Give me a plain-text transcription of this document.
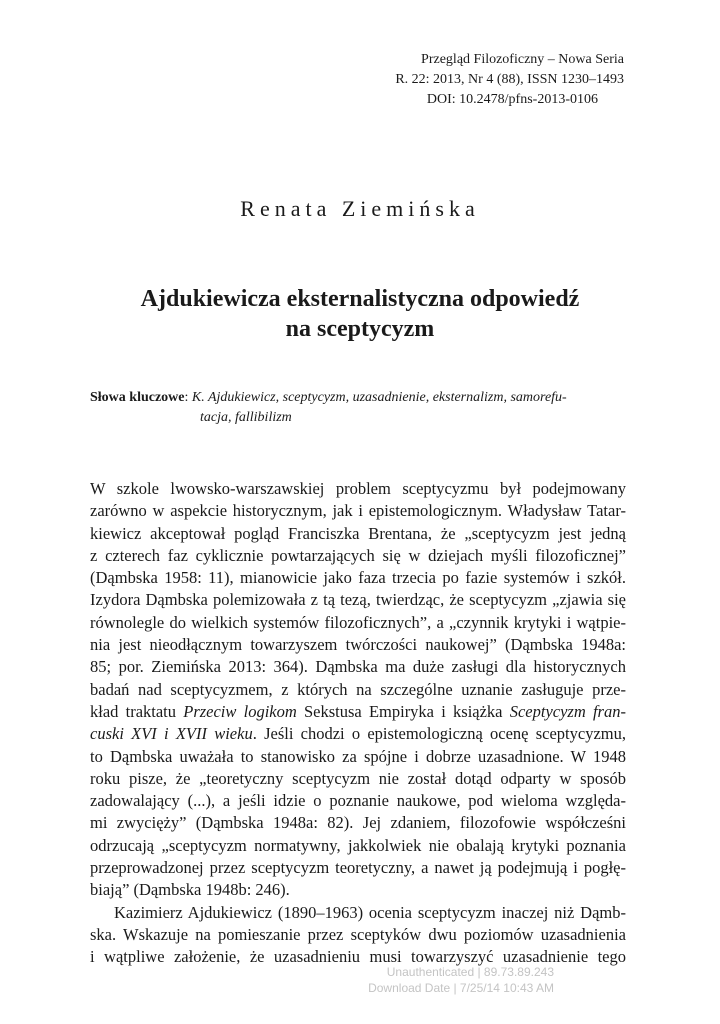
Przegląd Filozoficzny – Nowa Seria
R. 22: 2013, Nr 4 (88), ISSN 1230–1493
DOI: 10.2478/pfns-2013-0106
Renata Ziemińska
Ajdukiewicza eksternalistyczna odpowiedź
na sceptycyzm
Słowa kluczowe: K. Ajdukiewicz, sceptycyzm, uzasadnienie, eksternalizm, samorefu-
tacja, fallibilizm
W szkole lwowsko-warszawskiej problem sceptycyzmu był podejmowany
zarówno w aspekcie historycznym, jak i epistemologicznym. Władysław Tatar-
kiewicz akceptował pogląd Franciszka Brentana, że „sceptycyzm jest jedną
z czterech faz cyklicznie powtarzających się w dziejach myśli filozoficznej”
(Dąmbska 1958: 11), mianowicie jako faza trzecia po fazie systemów i szkół.
Izydora Dąmbska polemizowała z tą tezą, twierdząc, że sceptycyzm „zjawia się
równolegle do wielkich systemów filozoficznych”, a „czynnik krytyki i wątpie-
nia jest nieodłącznym towarzyszem twórczości naukowej” (Dąmbska 1948a:
85; por. Ziemińska 2013: 364). Dąmbska ma duże zasługi dla historycznych
badań nad sceptycyzmem, z których na szczególne uznanie zasługuje prze-
kład traktatu Przeciw logikom Sekstusa Empiryka i książka Sceptycyzm fran-
cuski XVI i XVII wieku. Jeśli chodzi o epistemologiczną ocenę sceptycyzmu,
to Dąmbska uważała to stanowisko za spójne i dobrze uzasadnione. W 1948
roku pisze, że „teoretyczny sceptycyzm nie został dotąd odparty w sposób
zadowalający (...), a jeśli idzie o poznanie naukowe, pod wieloma względa-
mi zwycięży” (Dąmbska 1948a: 82). Jej zdaniem, filozofowie współcześni
odrzucają „sceptycyzm normatywny, jakkolwiek nie obalają krytyki poznania
przeprowadzonej przez sceptycyzm teoretyczny, a nawet ją podejmują i pogłę-
biają” (Dąmbska 1948b: 246).
Kazimierz Ajdukiewicz (1890–1963) ocenia sceptycyzm inaczej niż Dąmb-
ska. Wskazuje na pomieszanie przez sceptyków dwu poziomów uzasadnienia
i wątpliwe założenie, że uzasadnieniu musi towarzyszyć uzasadnienie tego
Unauthenticated | 89.73.89.243
Download Date | 7/25/14 10:43 AM
